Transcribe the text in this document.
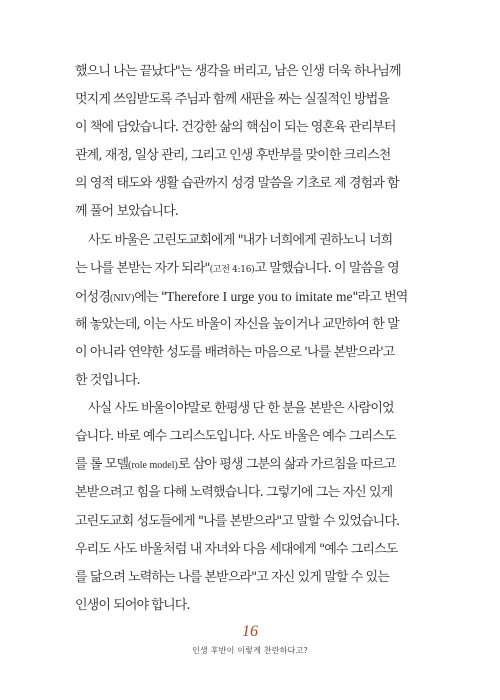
했으니 나는 끝났다"는 생각을 버리고, 남은 인생 더욱 하나님께
멋지게 쓰임받도록 주님과 함께 새판을 짜는 실질적인 방법을
이 책에 담았습니다. 건강한 삶의 핵심이 되는 영혼육 관리부터
관계, 재정, 일상 관리, 그리고 인생 후반부를 맞이한 크리스천
의 영적 태도와 생활 습관까지 성경 말씀을 기초로 제 경험과 함
께 풀어 보았습니다.
사도 바울은 고린도교회에게 "내가 너희에게 권하노니 너희
는 나를 본받는 자가 되라"(고전 4:16)고 말했습니다. 이 말씀을 영
어성경(NIV)에는 "Therefore I urge you to imitate me"라고 번역
해 놓았는데, 이는 사도 바울이 자신을 높이거나 교만하여 한 말
이 아니라 연약한 성도를 배려하는 마음으로 '나를 본받으라'고
한 것입니다.
사실 사도 바울이야말로 한평생 단 한 분을 본받은 사람이었
습니다. 바로 예수 그리스도입니다. 사도 바울은 예수 그리스도
를 롤 모델(role model)로 삼아 평생 그분의 삶과 가르침을 따르고
본받으려고 힘을 다해 노력했습니다. 그렇기에 그는 자신 있게
고린도교회 성도들에게 "나를 본받으라"고 말할 수 있었습니다.
우리도 사도 바울처럼 내 자녀와 다음 세대에게 "예수 그리스도
를 닮으려 노력하는 나를 본받으라"고 자신 있게 말할 수 있는
인생이 되어야 합니다.
16
인생 후반이 이렇게 찬란하다고?
